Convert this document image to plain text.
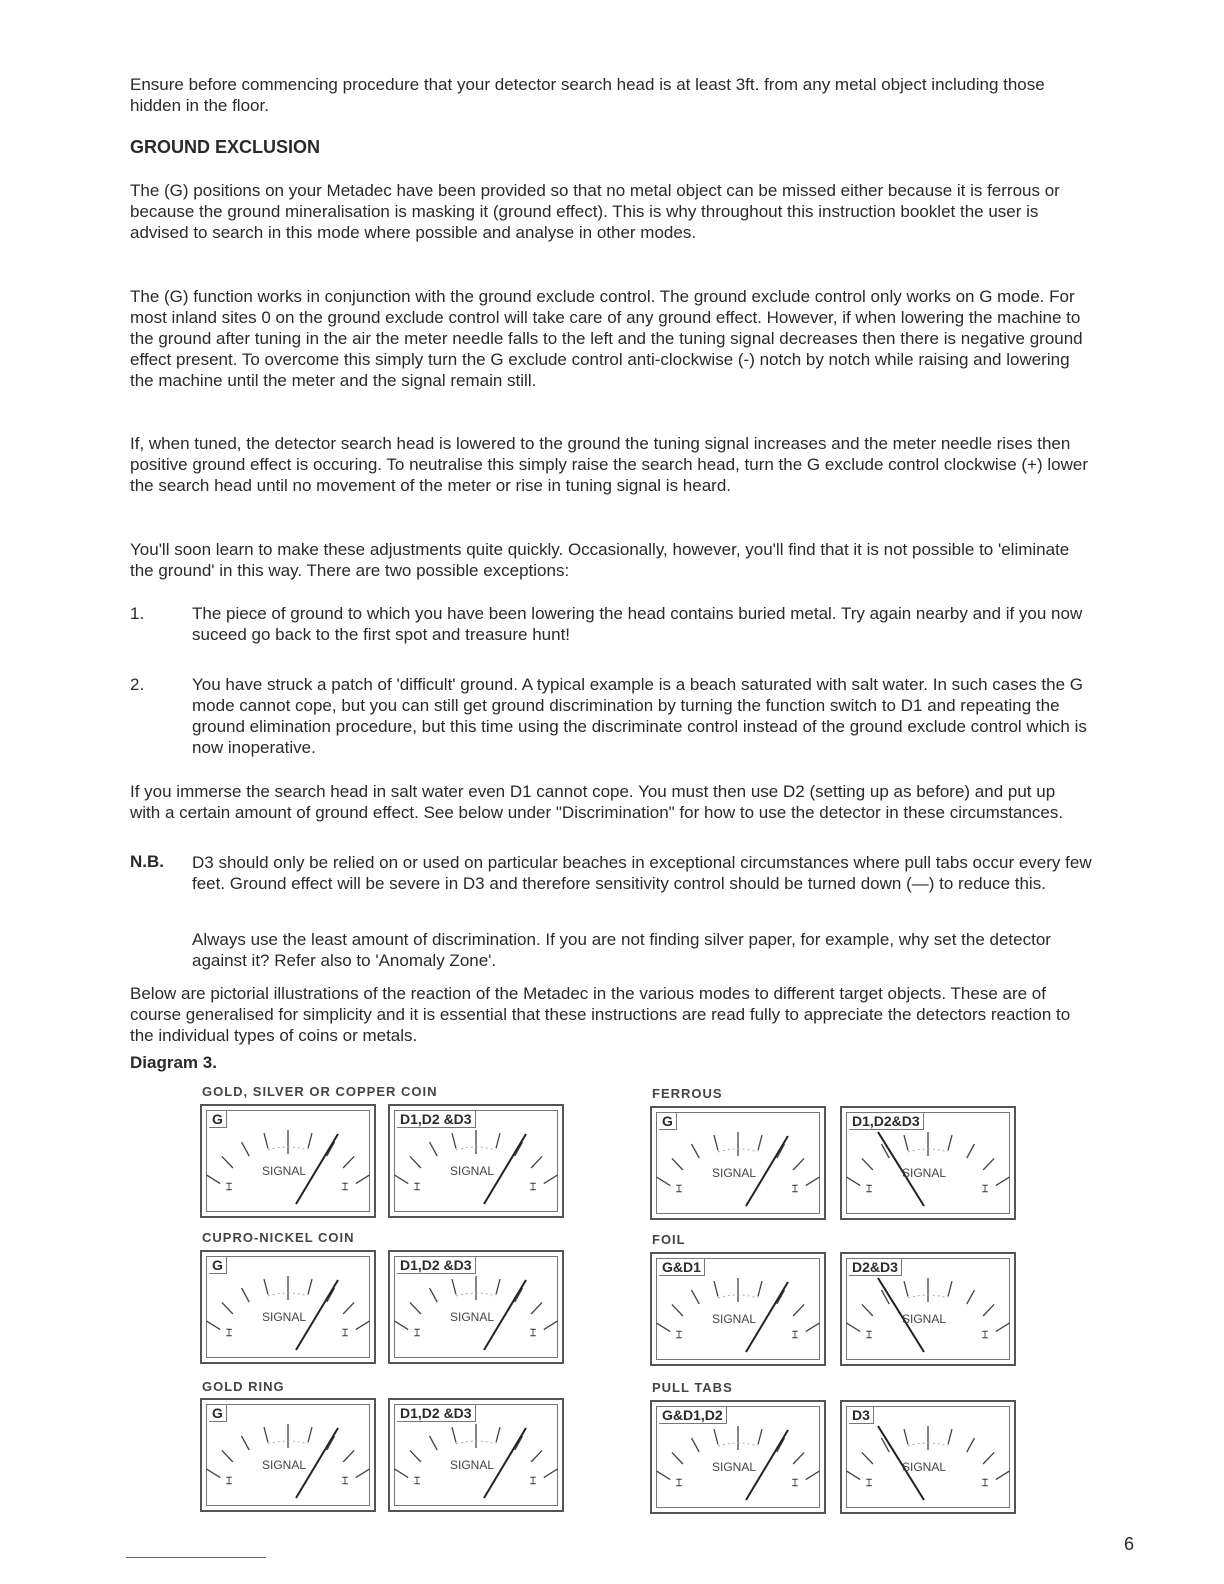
Ensure before commencing procedure that your detector search head is at least 3ft. from any metal object including those hidden in the floor.

GROUND EXCLUSION

The (G) positions on your Metadec have been provided so that no metal object can be missed either because it is ferrous or because the ground mineralisation is masking it (ground effect). This is why throughout this instruction booklet the user is advised to search in this mode where possible and analyse in other modes.

The (G) function works in conjunction with the ground exclude control. The ground exclude control only works on G mode. For most inland sites 0 on the ground exclude control will take care of any ground effect. However, if when lowering the machine to the ground after tuning in the air the meter needle falls to the left and the tuning signal decreases then there is negative ground effect present. To overcome this simply turn the G exclude control anti-clockwise (-) notch by notch while raising and lowering the machine until the meter and the signal remain still.

If, when tuned, the detector search head is lowered to the ground the tuning signal increases and the meter needle rises then positive ground effect is occuring. To neutralise this simply raise the search head, turn the G exclude control clockwise (+) lower the search head until no movement of the meter or rise in tuning signal is heard.

You'll soon learn to make these adjustments quite quickly. Occasionally, however, you'll find that it is not possible to 'eliminate the ground' in this way. There are two possible exceptions:

1.	The piece of ground to which you have been lowering the head contains buried metal. Try again nearby and if you now suceed go back to the first spot and treasure hunt!

2.	You have struck a patch of 'difficult' ground. A typical example is a beach saturated with salt water. In such cases the G mode cannot cope, but you can still get ground discrimination by turning the function switch to D1 and repeating the ground elimination procedure, but this time using the discriminate control instead of the ground exclude control which is now inoperative.

If you immerse the search head in salt water even D1 cannot cope. You must then use D2 (setting up as before) and put up with a certain amount of ground effect. See below under "Discrimination" for how to use the detector in these circumstances.

N.B. D3 should only be relied on or used on particular beaches in exceptional circumstances where pull tabs occur every few feet. Ground effect will be severe in D3 and therefore sensitivity control should be turned down (—) to reduce this.

Always use the least amount of discrimination. If you are not finding silver paper, for example, why set the detector against it? Refer also to 'Anomaly Zone'.

Below are pictorial illustrations of the reaction of the Metadec in the various modes to different target objects. These are of course generalised for simplicity and it is essential that these instructions are read fully to appreciate the detectors reaction to the individual types of coins or metals.

Diagram 3.
GOLD, SILVER OR COPPER COIN
G
⌶	⌶
SIGNAL
D1,D2 &D3
⌶	⌶
SIGNAL
FERROUS
G
⌶	⌶
SIGNAL
D1,D2&D3
⌶	⌶
SIGNAL
CUPRO-NICKEL COIN
G
⌶	⌶
SIGNAL
D1,D2 &D3
⌶	⌶
SIGNAL
FOIL
G&D1
⌶	⌶
SIGNAL
D2&D3
⌶	⌶
SIGNAL
GOLD RING
G
⌶	⌶
SIGNAL
D1,D2 &D3
⌶	⌶
SIGNAL
PULL TABS
G&D1,D2
⌶	⌶
SIGNAL
D3
⌶	⌶
SIGNAL
6
